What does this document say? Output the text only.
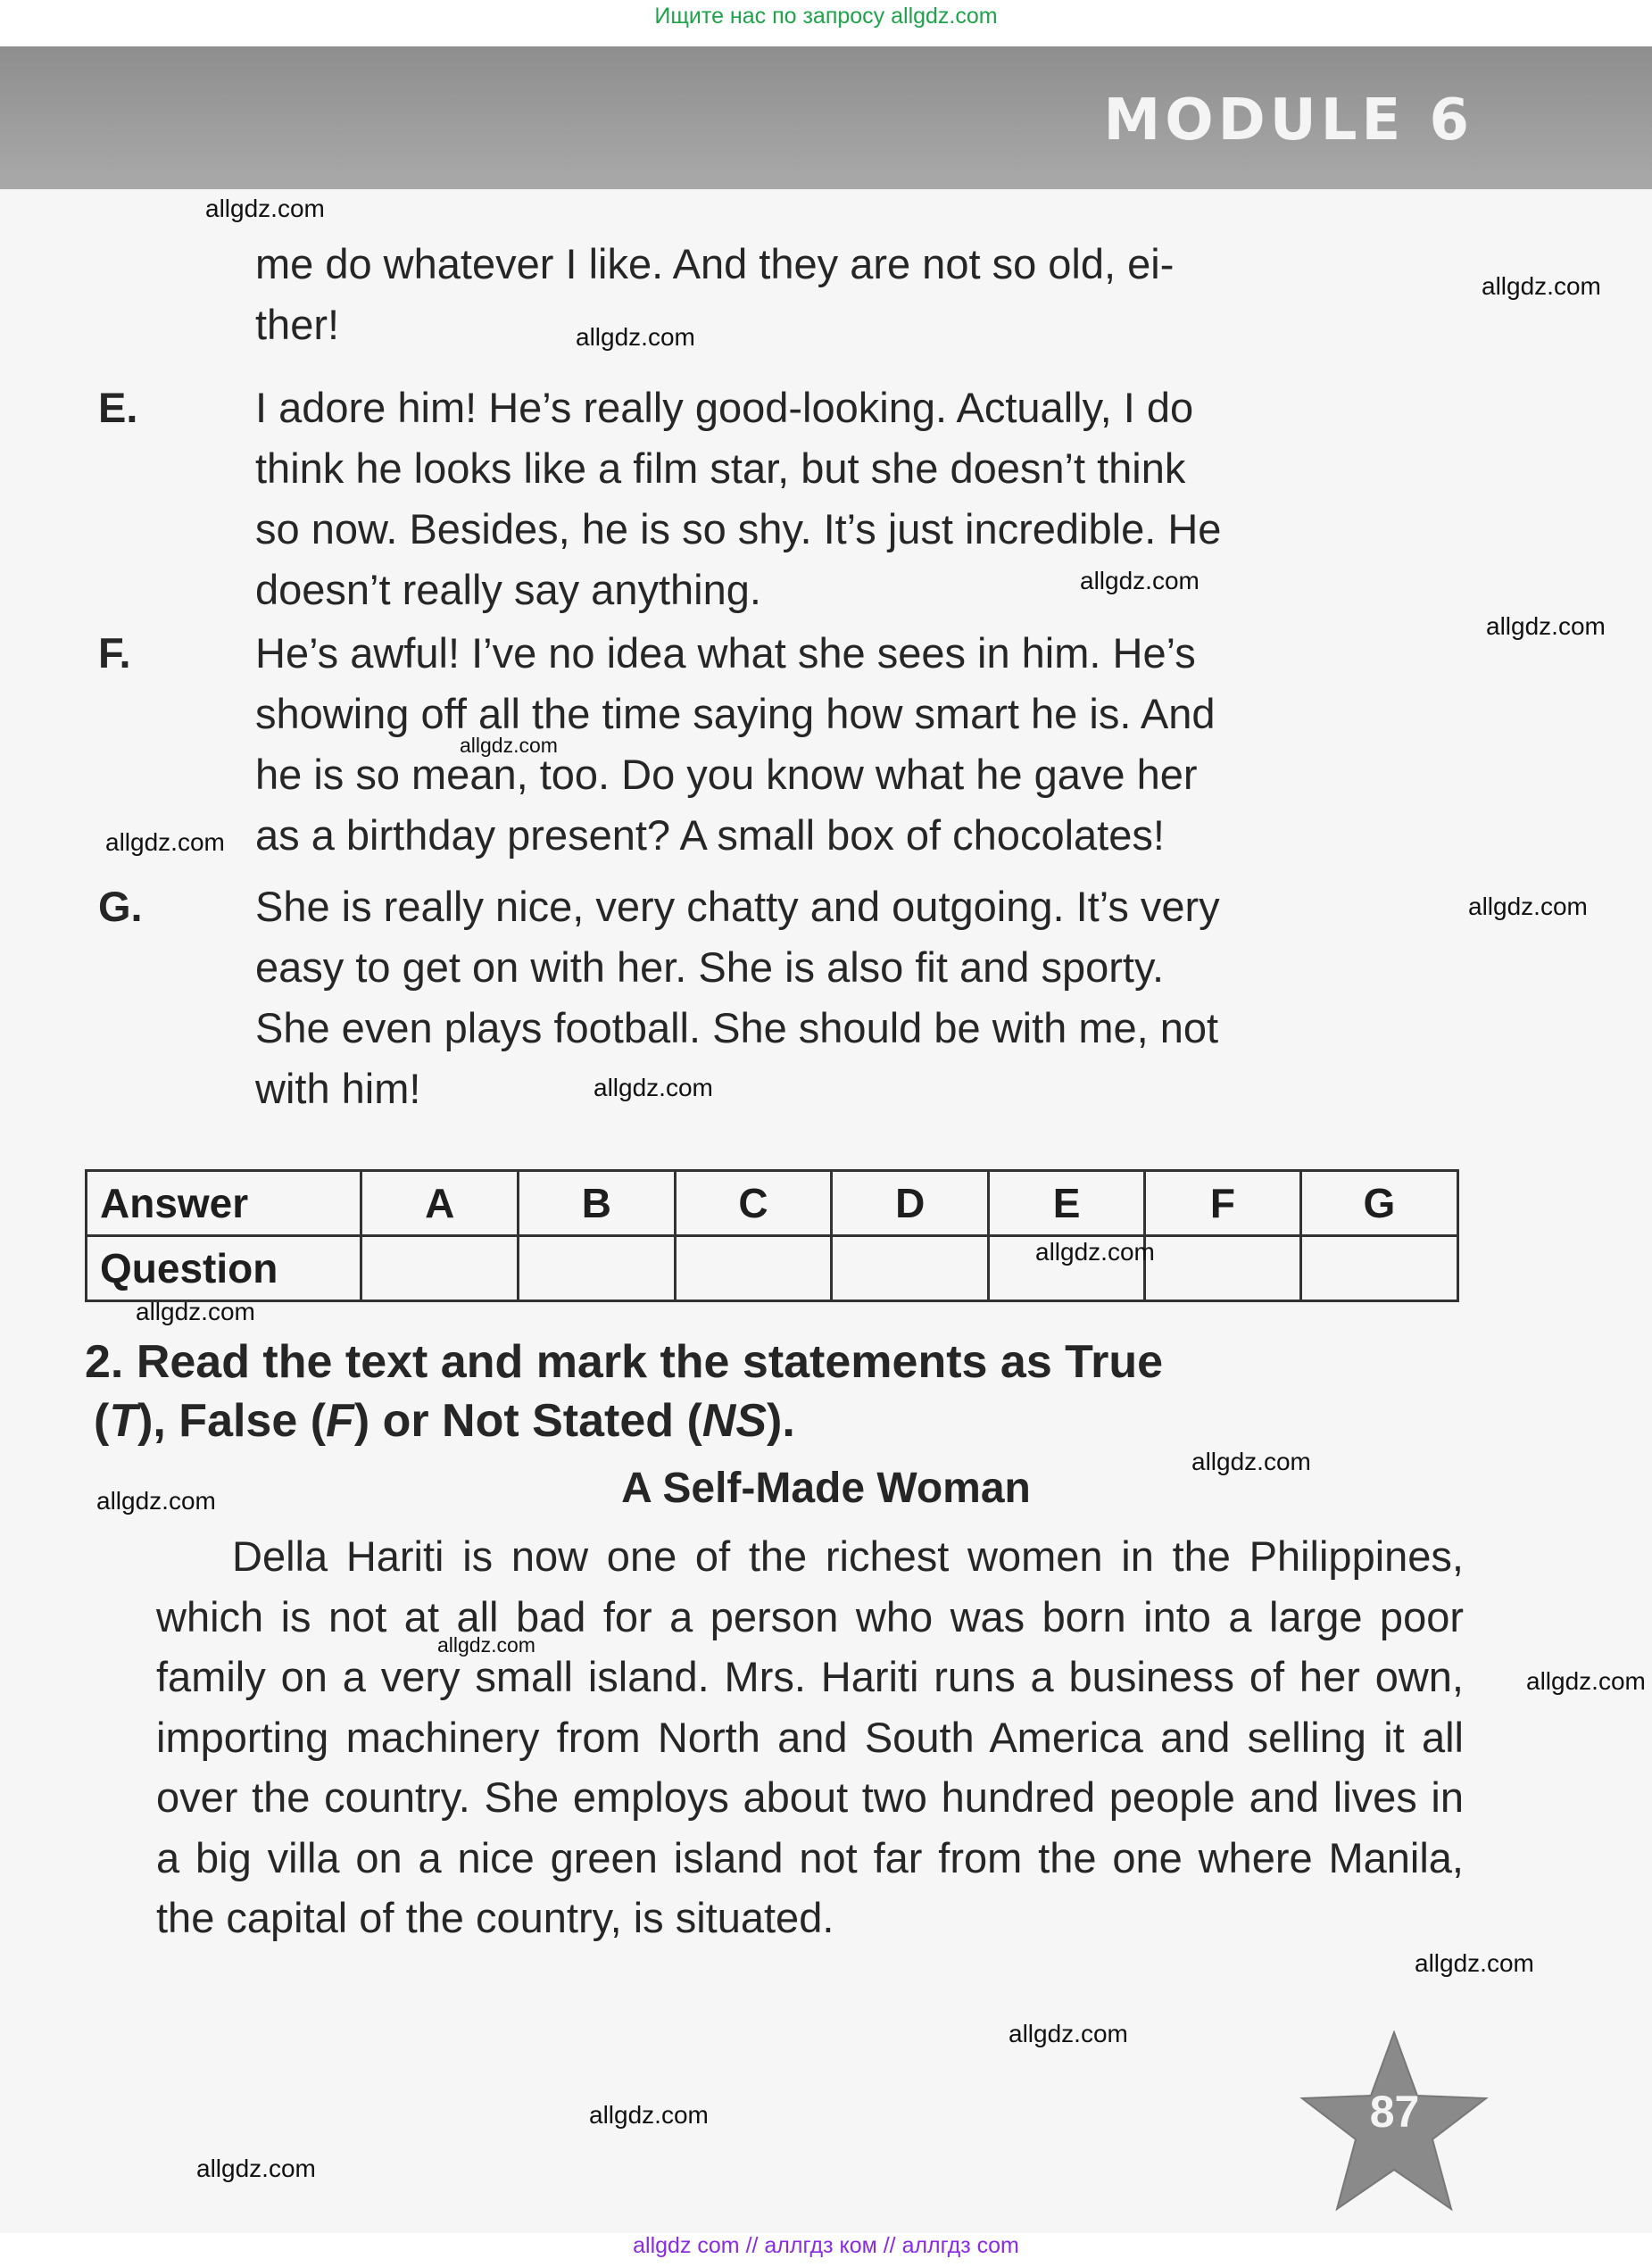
Ищите нас по запросу allgdz.com
MODULE 6
me do whatever I like. And they are not so old, ei-
ther!
E.	I adore him! He’s really good-looking. Actually, I do
think he looks like a film star, but she doesn’t think
so now. Besides, he is so shy. It’s just incredible. He
doesn’t really say anything.
F.	He’s awful! I’ve no idea what she sees in him. He’s
showing off all the time saying how smart he is. And
he is so mean, too. Do you know what he gave her
as a birthday present? A small box of chocolates!
G.	She is really nice, very chatty and outgoing. It’s very
easy to get on with her. She is also fit and sporty.
She even plays football. She should be with me, not
with him!
Answer	A	B	C	D	E	F	G
Question							
2. Read the text and mark the statements as True
(T), False (F) or Not Stated (NS).
A Self-Made Woman
Della Hariti is now one of the richest women in the Philippines, which is not at all bad for a person who was born into a large poor family on a very small island. Mrs. Hariti runs a business of her own, importing machinery from North and South America and selling it all over the country. She employs about two hundred people and lives in a big villa on a nice green island not far from the one where Manila, the capital of the country, is situated.
allgdz.com
allgdz.com
allgdz.com
allgdz.com
allgdz.com
allgdz.com
allgdz.com
allgdz.com
allgdz.com
allgdz.com
allgdz.com
allgdz.com
allgdz.com
allgdz.com
allgdz.com
allgdz.com
allgdz.com
allgdz.com
allgdz.com
87
allgdz com // аллгдз ком // аллгдз com
